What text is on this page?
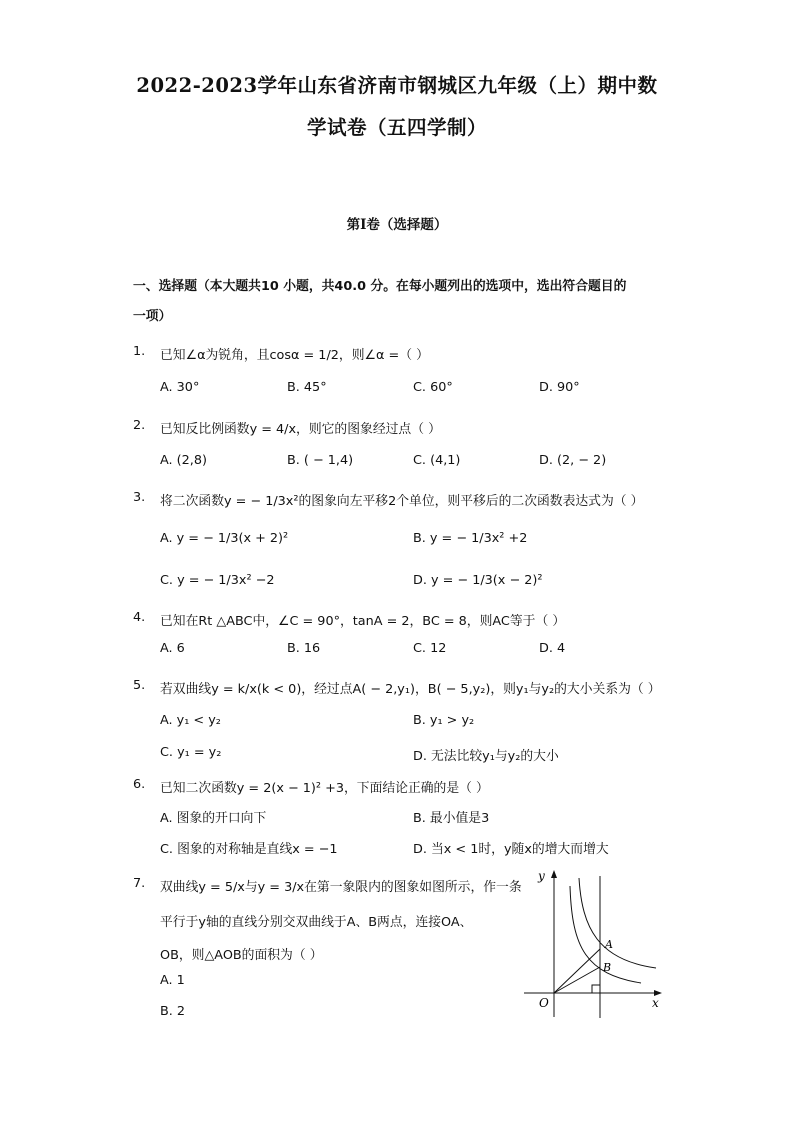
2022-2023学年山东省济南市钢城区九年级（上）期中数
学试卷（五四学制）
第I卷（选择题）
一、选择题（本大题共10 小题，共40.0 分。在每小题列出的选项中，选出符合题目的
一项）
1. 已知∠α为锐角，且cosα = 1/2，则∠α =（ ）
A. 30°	B. 45°	C. 60°	D. 90°
2. 已知反比例函数y = 4/x，则它的图象经过点（ ）
A. (2,8)	B. ( − 1,4)	C. (4,1)	D. (2, − 2)
3. 将二次函数y = − 1/3x²的图象向左平移2个单位，则平移后的二次函数表达式为（ ）
A. y = − 1/3(x + 2)²	B. y = − 1/3x² +2
C. y = − 1/3x² −2	D. y = − 1/3(x − 2)²
4. 已知在Rt △ABC中，∠C = 90°，tanA = 2，BC = 8，则AC等于（ ）
A. 6	B. 16	C. 12	D. 4
5. 若双曲线y = k/x(k < 0)，经过点A( − 2,y₁)，B( − 5,y₂)，则y₁与y₂的大小关系为（ ）
A. y₁ < y₂	B. y₁ > y₂
C. y₁ = y₂	D. 无法比较y₁与y₂的大小
6. 已知二次函数y = 2(x − 1)² +3，下面结论正确的是（ ）
A. 图象的开口向下	B. 最小值是3
C. 图象的对称轴是直线x = −1	D. 当x < 1时，y随x的增大而增大
7. 双曲线y = 5/x与y = 3/x在第一象限内的图象如图所示，作一条
平行于y轴的直线分别交双曲线于A、B两点，连接OA、
OB，则△AOB的面积为（ ）
A. 1
B. 2
y
x
O
A
B
